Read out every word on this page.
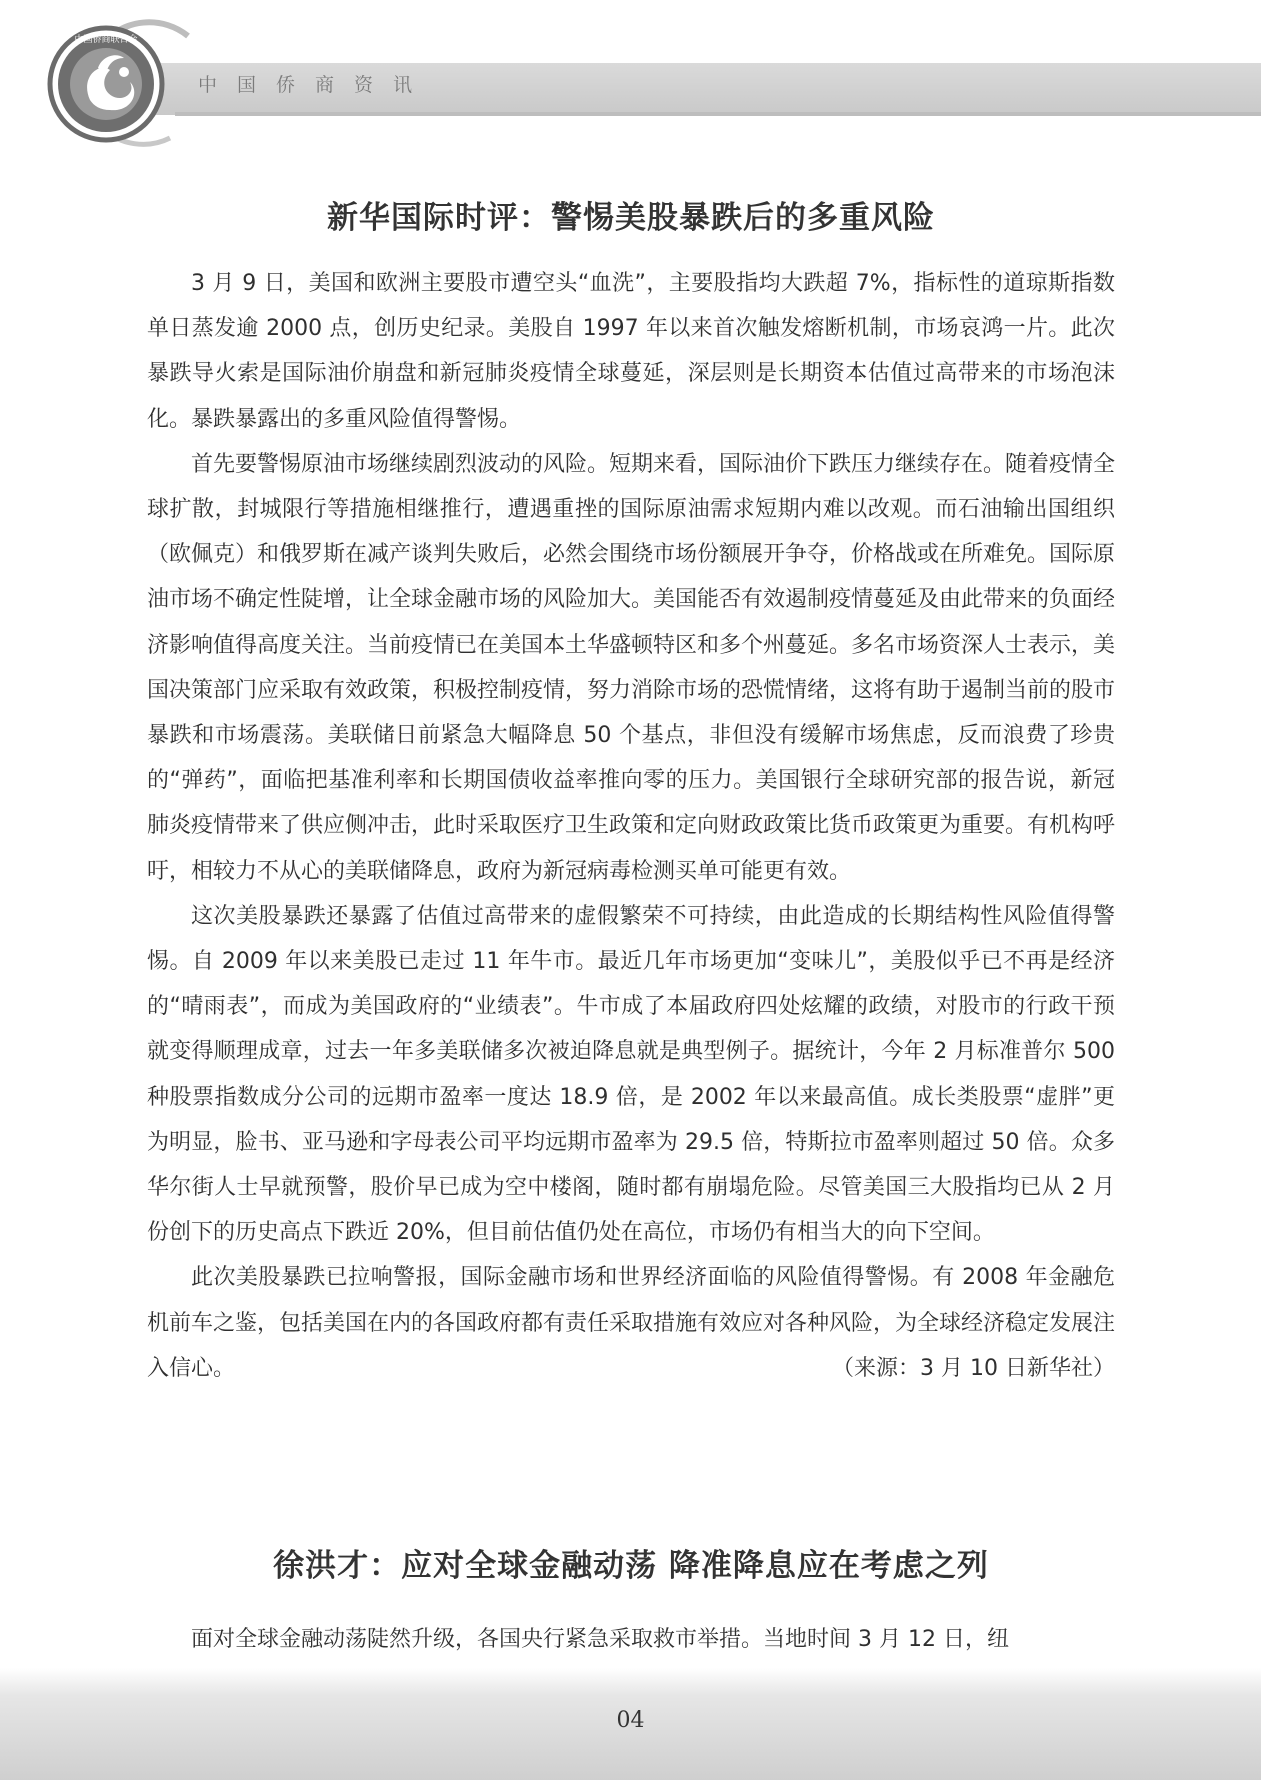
中国侨商联合会
中国侨商资讯
新华国际时评：警惕美股暴跌后的多重风险

3 月 9 日，美国和欧洲主要股市遭空头“血洗”，主要股指均大跌超 7%，指标性的道琼斯指数单日蒸发逾 2000 点，创历史纪录。美股自 1997 年以来首次触发熔断机制，市场哀鸿一片。此次暴跌导火索是国际油价崩盘和新冠肺炎疫情全球蔓延，深层则是长期资本估值过高带来的市场泡沫化。暴跌暴露出的多重风险值得警惕。

首先要警惕原油市场继续剧烈波动的风险。短期来看，国际油价下跌压力继续存在。随着疫情全球扩散，封城限行等措施相继推行，遭遇重挫的国际原油需求短期内难以改观。而石油输出国组织（欧佩克）和俄罗斯在减产谈判失败后，必然会围绕市场份额展开争夺，价格战或在所难免。国际原油市场不确定性陡增，让全球金融市场的风险加大。美国能否有效遏制疫情蔓延及由此带来的负面经济影响值得高度关注。当前疫情已在美国本土华盛顿特区和多个州蔓延。多名市场资深人士表示，美国决策部门应采取有效政策，积极控制疫情，努力消除市场的恐慌情绪，这将有助于遏制当前的股市暴跌和市场震荡。美联储日前紧急大幅降息 50 个基点，非但没有缓解市场焦虑，反而浪费了珍贵的“弹药”，面临把基准利率和长期国债收益率推向零的压力。美国银行全球研究部的报告说，新冠肺炎疫情带来了供应侧冲击，此时采取医疗卫生政策和定向财政政策比货币政策更为重要。有机构呼吁，相较力不从心的美联储降息，政府为新冠病毒检测买单可能更有效。

这次美股暴跌还暴露了估值过高带来的虚假繁荣不可持续，由此造成的长期结构性风险值得警惕。自 2009 年以来美股已走过 11 年牛市。最近几年市场更加“变味儿”，美股似乎已不再是经济的“晴雨表”，而成为美国政府的“业绩表”。牛市成了本届政府四处炫耀的政绩，对股市的行政干预就变得顺理成章，过去一年多美联储多次被迫降息就是典型例子。据统计，今年 2 月标准普尔 500 种股票指数成分公司的远期市盈率一度达 18.9 倍，是 2002 年以来最高值。成长类股票“虚胖”更为明显，脸书、亚马逊和字母表公司平均远期市盈率为 29.5 倍，特斯拉市盈率则超过 50 倍。众多华尔街人士早就预警，股价早已成为空中楼阁，随时都有崩塌危险。尽管美国三大股指均已从 2 月份创下的历史高点下跌近 20%，但目前估值仍处在高位，市场仍有相当大的向下空间。

此次美股暴跌已拉响警报，国际金融市场和世界经济面临的风险值得警惕。有 2008 年金融危机前车之鉴，包括美国在内的各国政府都有责任采取措施有效应对各种风险，为全球经济稳定发展注入信心。	（来源：3 月 10 日新华社）

徐洪才：应对全球金融动荡 降准降息应在考虑之列

面对全球金融动荡陡然升级，各国央行紧急采取救市举措。当地时间 3 月 12 日，纽

04
